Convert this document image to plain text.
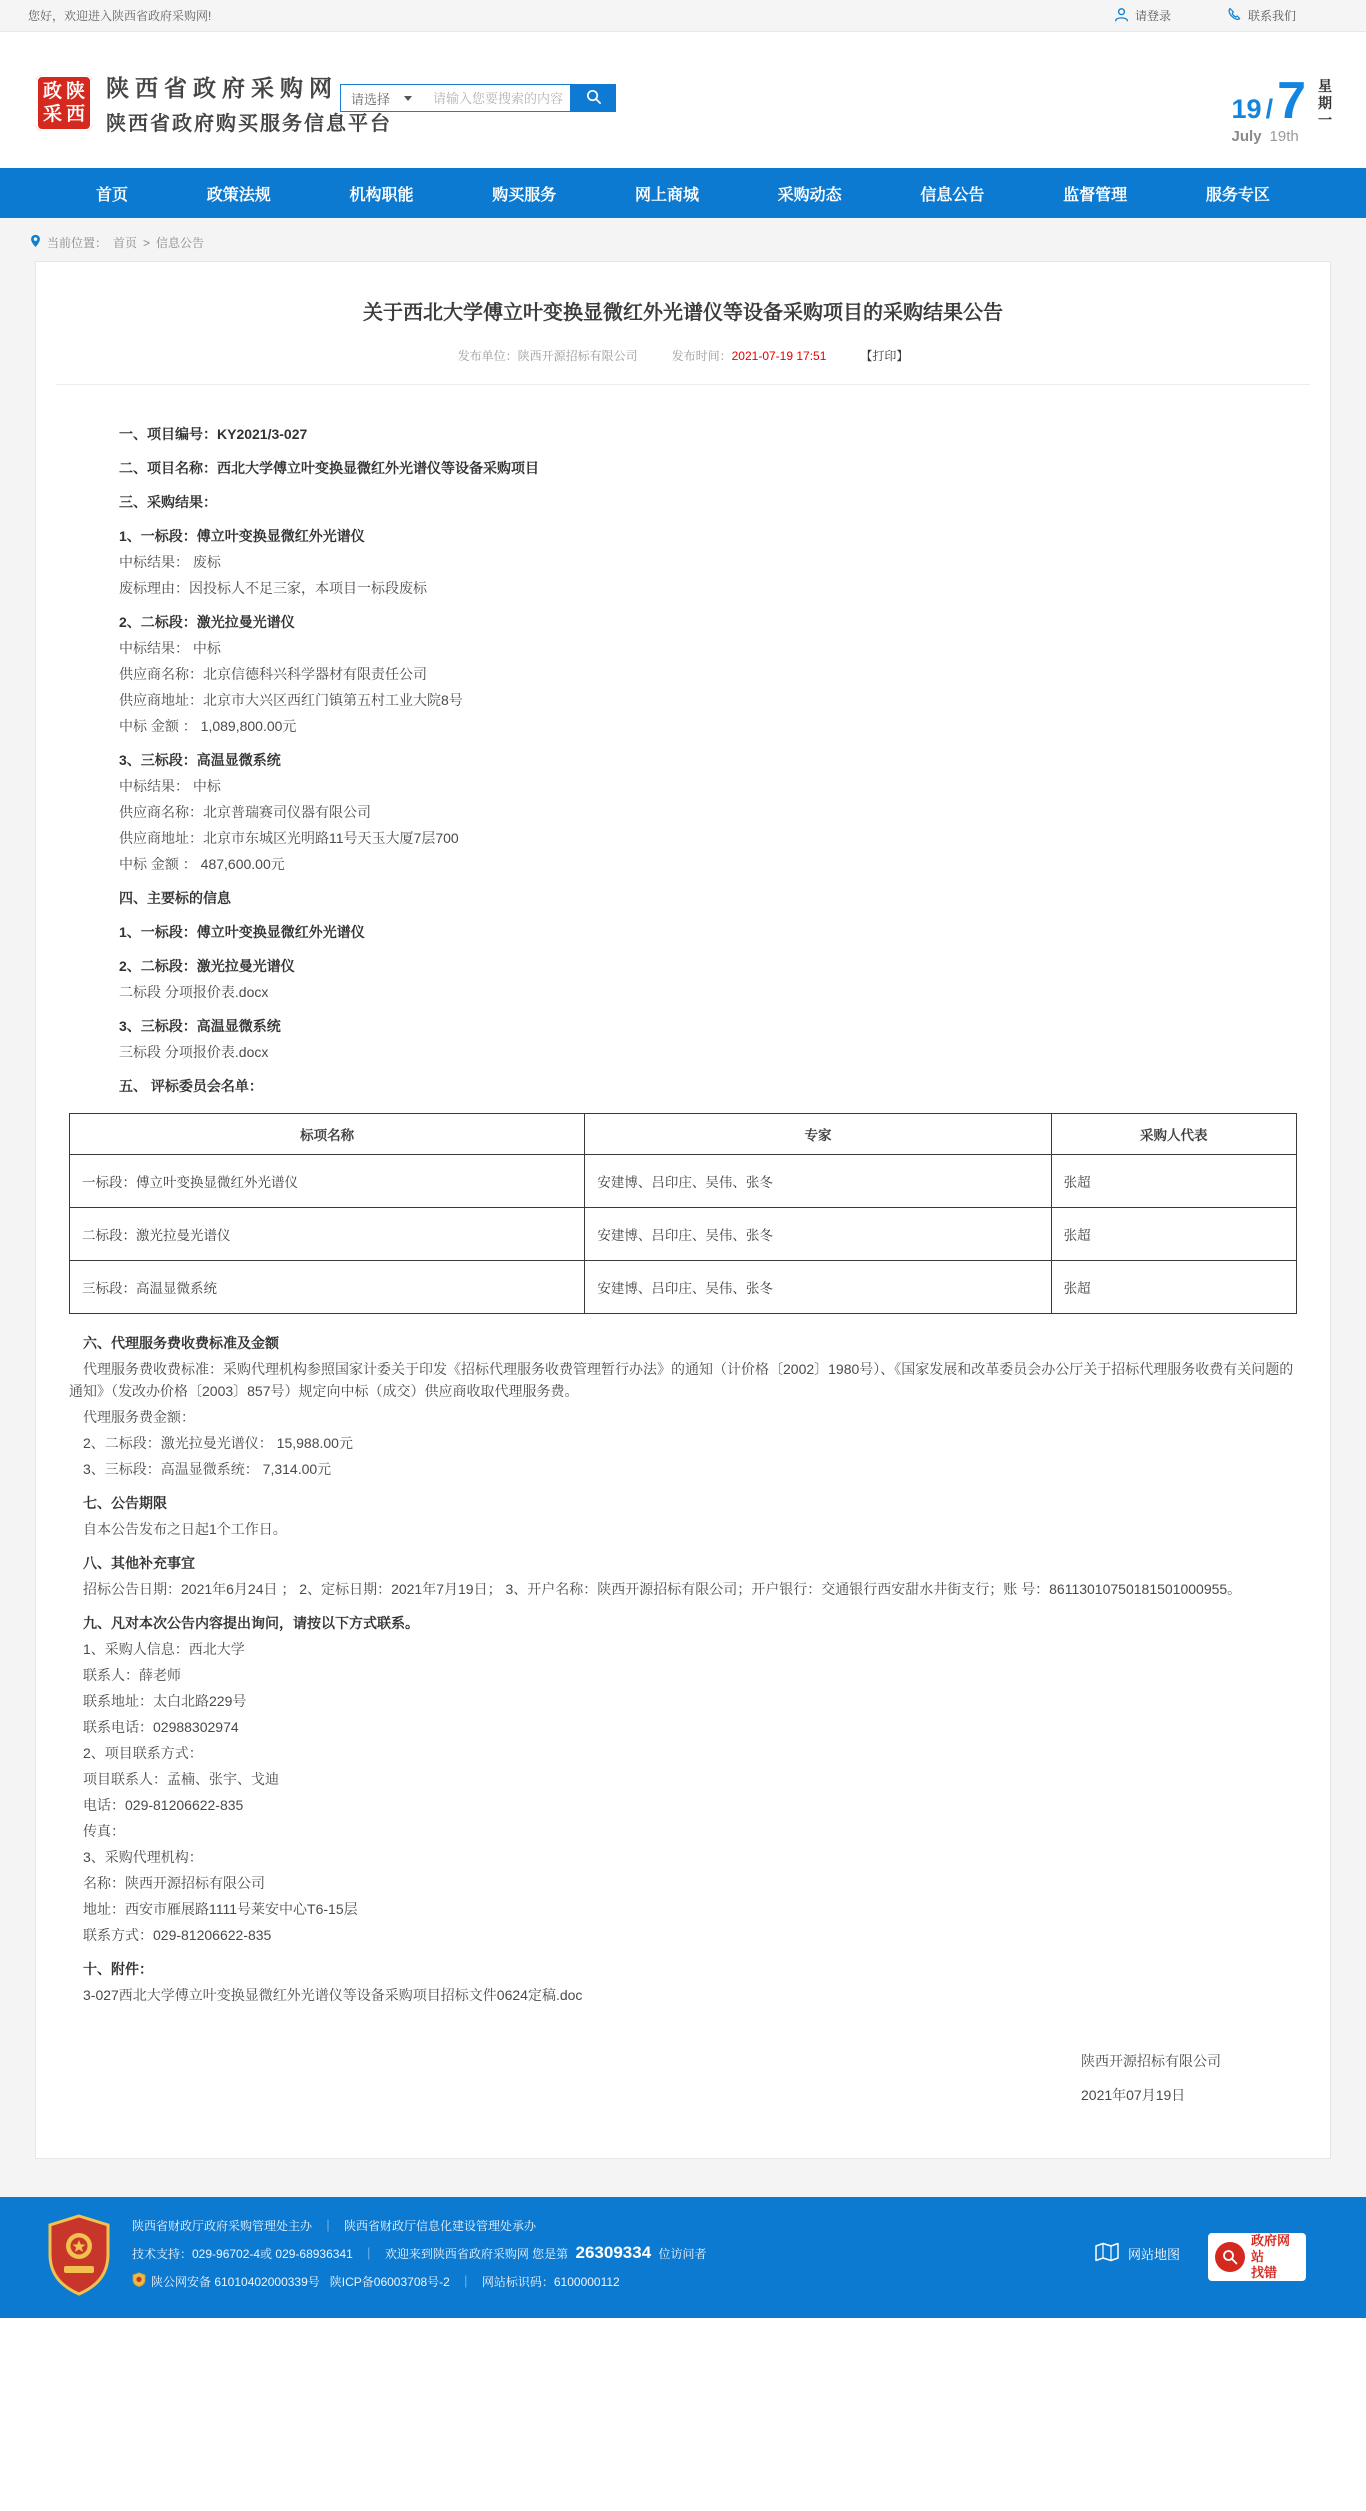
您好，欢迎进入陕西省政府采购网!	请登录	联系我们
政 陕
采 西
陕西省政府采购网
陕西省政府购买服务信息平台
请选择
请输入您要搜索的内容	19 / 7
July 19th
星
期
一
首页	政策法规	机构职能	购买服务	网上商城	采购动态	信息公告	监督管理	服务专区
当前位置： 首页 > 信息公告
关于西北大学傅立叶变换显微红外光谱仪等设备采购项目的采购结果公告
发布单位：陕西开源招标有限公司	发布时间：2021-07-19 17:51	【打印】

一、项目编号：KY2021/3-027

二、项目名称：西北大学傅立叶变换显微红外光谱仪等设备采购项目

三、采购结果：

1、一标段：傅立叶变换显微红外光谱仪

中标结果： 废标

废标理由：因投标人不足三家，本项目一标段废标

2、二标段：激光拉曼光谱仪

中标结果： 中标

供应商名称：北京信德科兴科学器材有限责任公司

供应商地址：北京市大兴区西红门镇第五村工业大院8号

中标 金额 ： 1,089,800.00元

3、三标段：高温显微系统

中标结果： 中标

供应商名称：北京普瑞赛司仪器有限公司

供应商地址：北京市东城区光明路11号天玉大厦7层700

中标 金额 ： 487,600.00元

四、主要标的信息

1、一标段：傅立叶变换显微红外光谱仪

2、二标段：激光拉曼光谱仪

二标段 分项报价表.docx

3、三标段：高温显微系统

三标段 分项报价表.docx

五、 评标委员会名单：

标项名称	专家	采购人代表
一标段：傅立叶变换显微红外光谱仪	安建博、吕印庄、吴伟、张冬	张超
二标段：激光拉曼光谱仪	安建博、吕印庄、吴伟、张冬	张超
三标段：高温显微系统	安建博、吕印庄、吴伟、张冬	张超

六、代理服务费收费标准及金额

代理服务费收费标准：采购代理机构参照国家计委关于印发《招标代理服务收费管理暂行办法》的通知（计价格〔2002〕1980号）、《国家发展和改革委员会办公厅关于招标代理服务收费有关问题的通知》（发改办价格〔2003〕857号）规定向中标（成交）供应商收取代理服务费。

代理服务费金额：

2、二标段：激光拉曼光谱仪： 15,988.00元

3、三标段：高温显微系统： 7,314.00元

七、公告期限

自本公告发布之日起1个工作日。

八、其他补充事宜

招标公告日期：2021年6月24日 ； 2、定标日期：2021年7月19日； 3、开户名称：陕西开源招标有限公司；开户银行：交通银行西安甜水井街支行；账 号：86113010750181501000955。

九、凡对本次公告内容提出询问，请按以下方式联系。

1、采购人信息：西北大学

联系人：薛老师

联系地址：太白北路229号

联系电话：02988302974

2、项目联系方式：

项目联系人：孟楠、张宇、戈迪

电话：029-81206622-835

传真：

3、采购代理机构：

名称：陕西开源招标有限公司

地址：西安市雁展路1111号莱安中心T6-15层

联系方式：029-81206622-835

十、附件：

3-027西北大学傅立叶变换显微红外光谱仪等设备采购项目招标文件0624定稿.doc

陕西开源招标有限公司

2021年07月19日

陕西省财政厅政府采购管理处主办 ｜ 陕西省财政厅信息化建设管理处承办
技术支持：029-96702-4或 029-68936341 ｜ 欢迎来到陕西省政府采购网 您是第 26309334 位访问者
陕公网安备 61010402000339号 陕ICP备06003708号-2 ｜ 网站标识码：6100000112
网站地图
政府网站
找错
